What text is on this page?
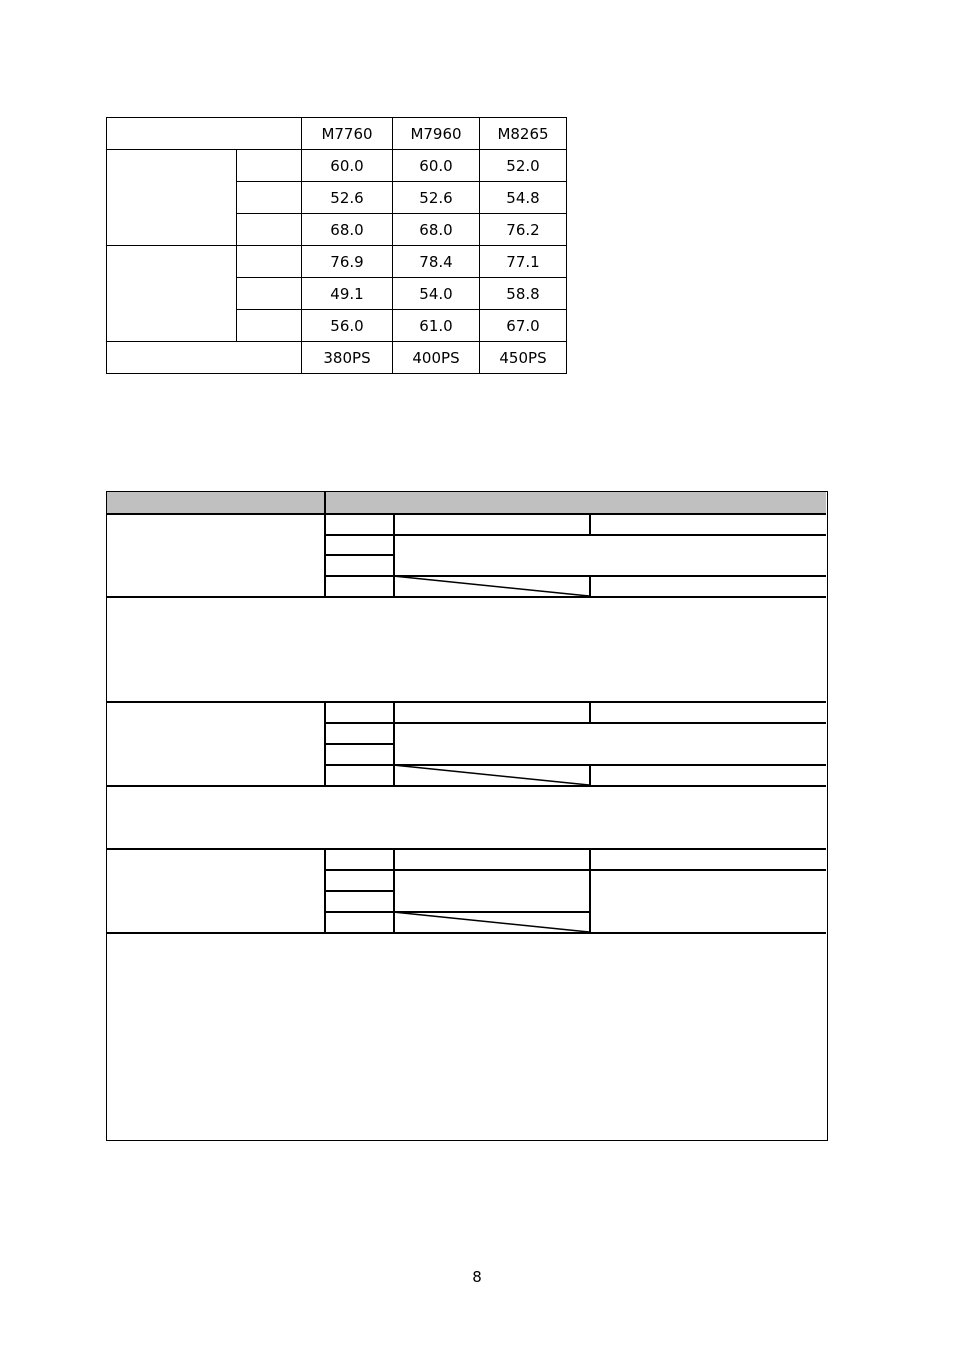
		M7760	M7960	M8265
		60.0	60.0	52.0
		52.6	52.6	54.8
		68.0	68.0	76.2
		76.9	78.4	77.1
		49.1	54.0	58.8
		56.0	61.0	67.0
		380PS	400PS	450PS
8
